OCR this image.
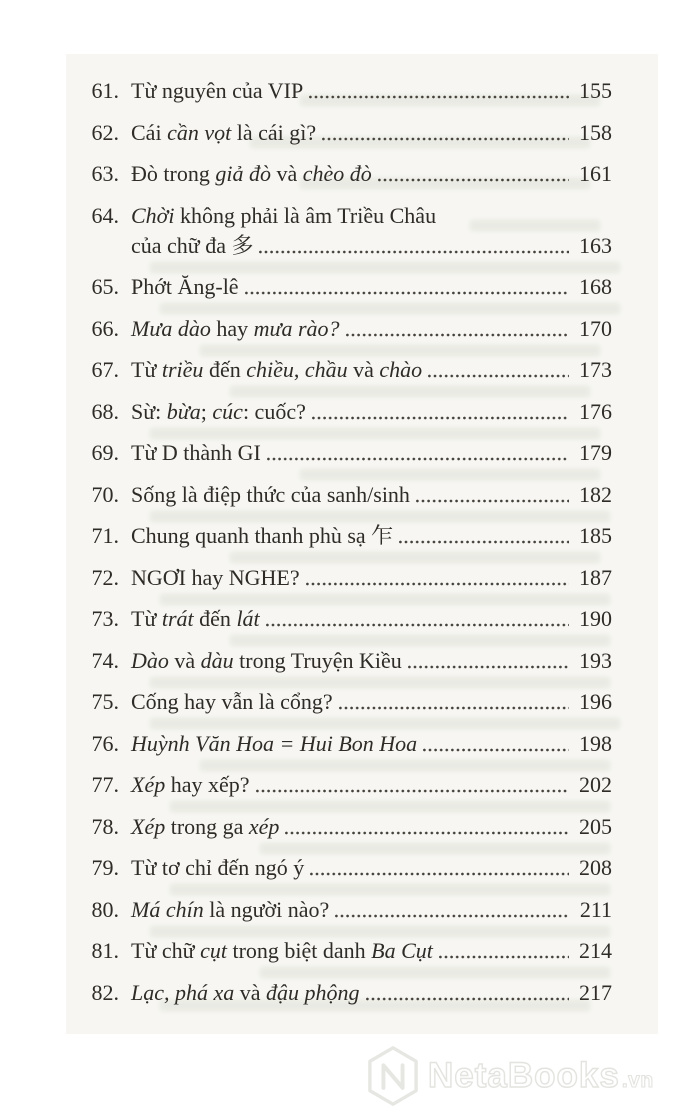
61. Từ nguyên của VIP	155
62. Cái cần vọt là cái gì?	158
63. Đò trong giả đò và chèo đò	161
64. Chời không phải là âm Triều Châu
của chữ đa 多	163
65. Phớt Ăng-lê	168
66. Mưa dào hay mưa rào?	170
67. Từ triều đến chiều, chầu và chào	173
68. Sừ: bừa; cúc: cuốc?	176
69. Từ D thành GI	179
70. Sống là điệp thức của sanh/sinh	182
71. Chung quanh thanh phù sạ 乍	185
72. NGƠI hay NGHE?	187
73. Từ trát đến lát	190
74. Dào và dàu trong Truyện Kiều	193
75. Cống hay vẫn là cổng?	196
76. Huỳnh Văn Hoa = Hui Bon Hoa	198
77. Xép hay xếp?	202
78. Xép trong ga xép	205
79. Từ tơ chỉ đến ngó ý	208
80. Má chín là người nào?	211
81. Từ chữ cụt trong biệt danh Ba Cụt	214
82. Lạc, phá xa và đậu phộng	217
NetaBooks .vn
